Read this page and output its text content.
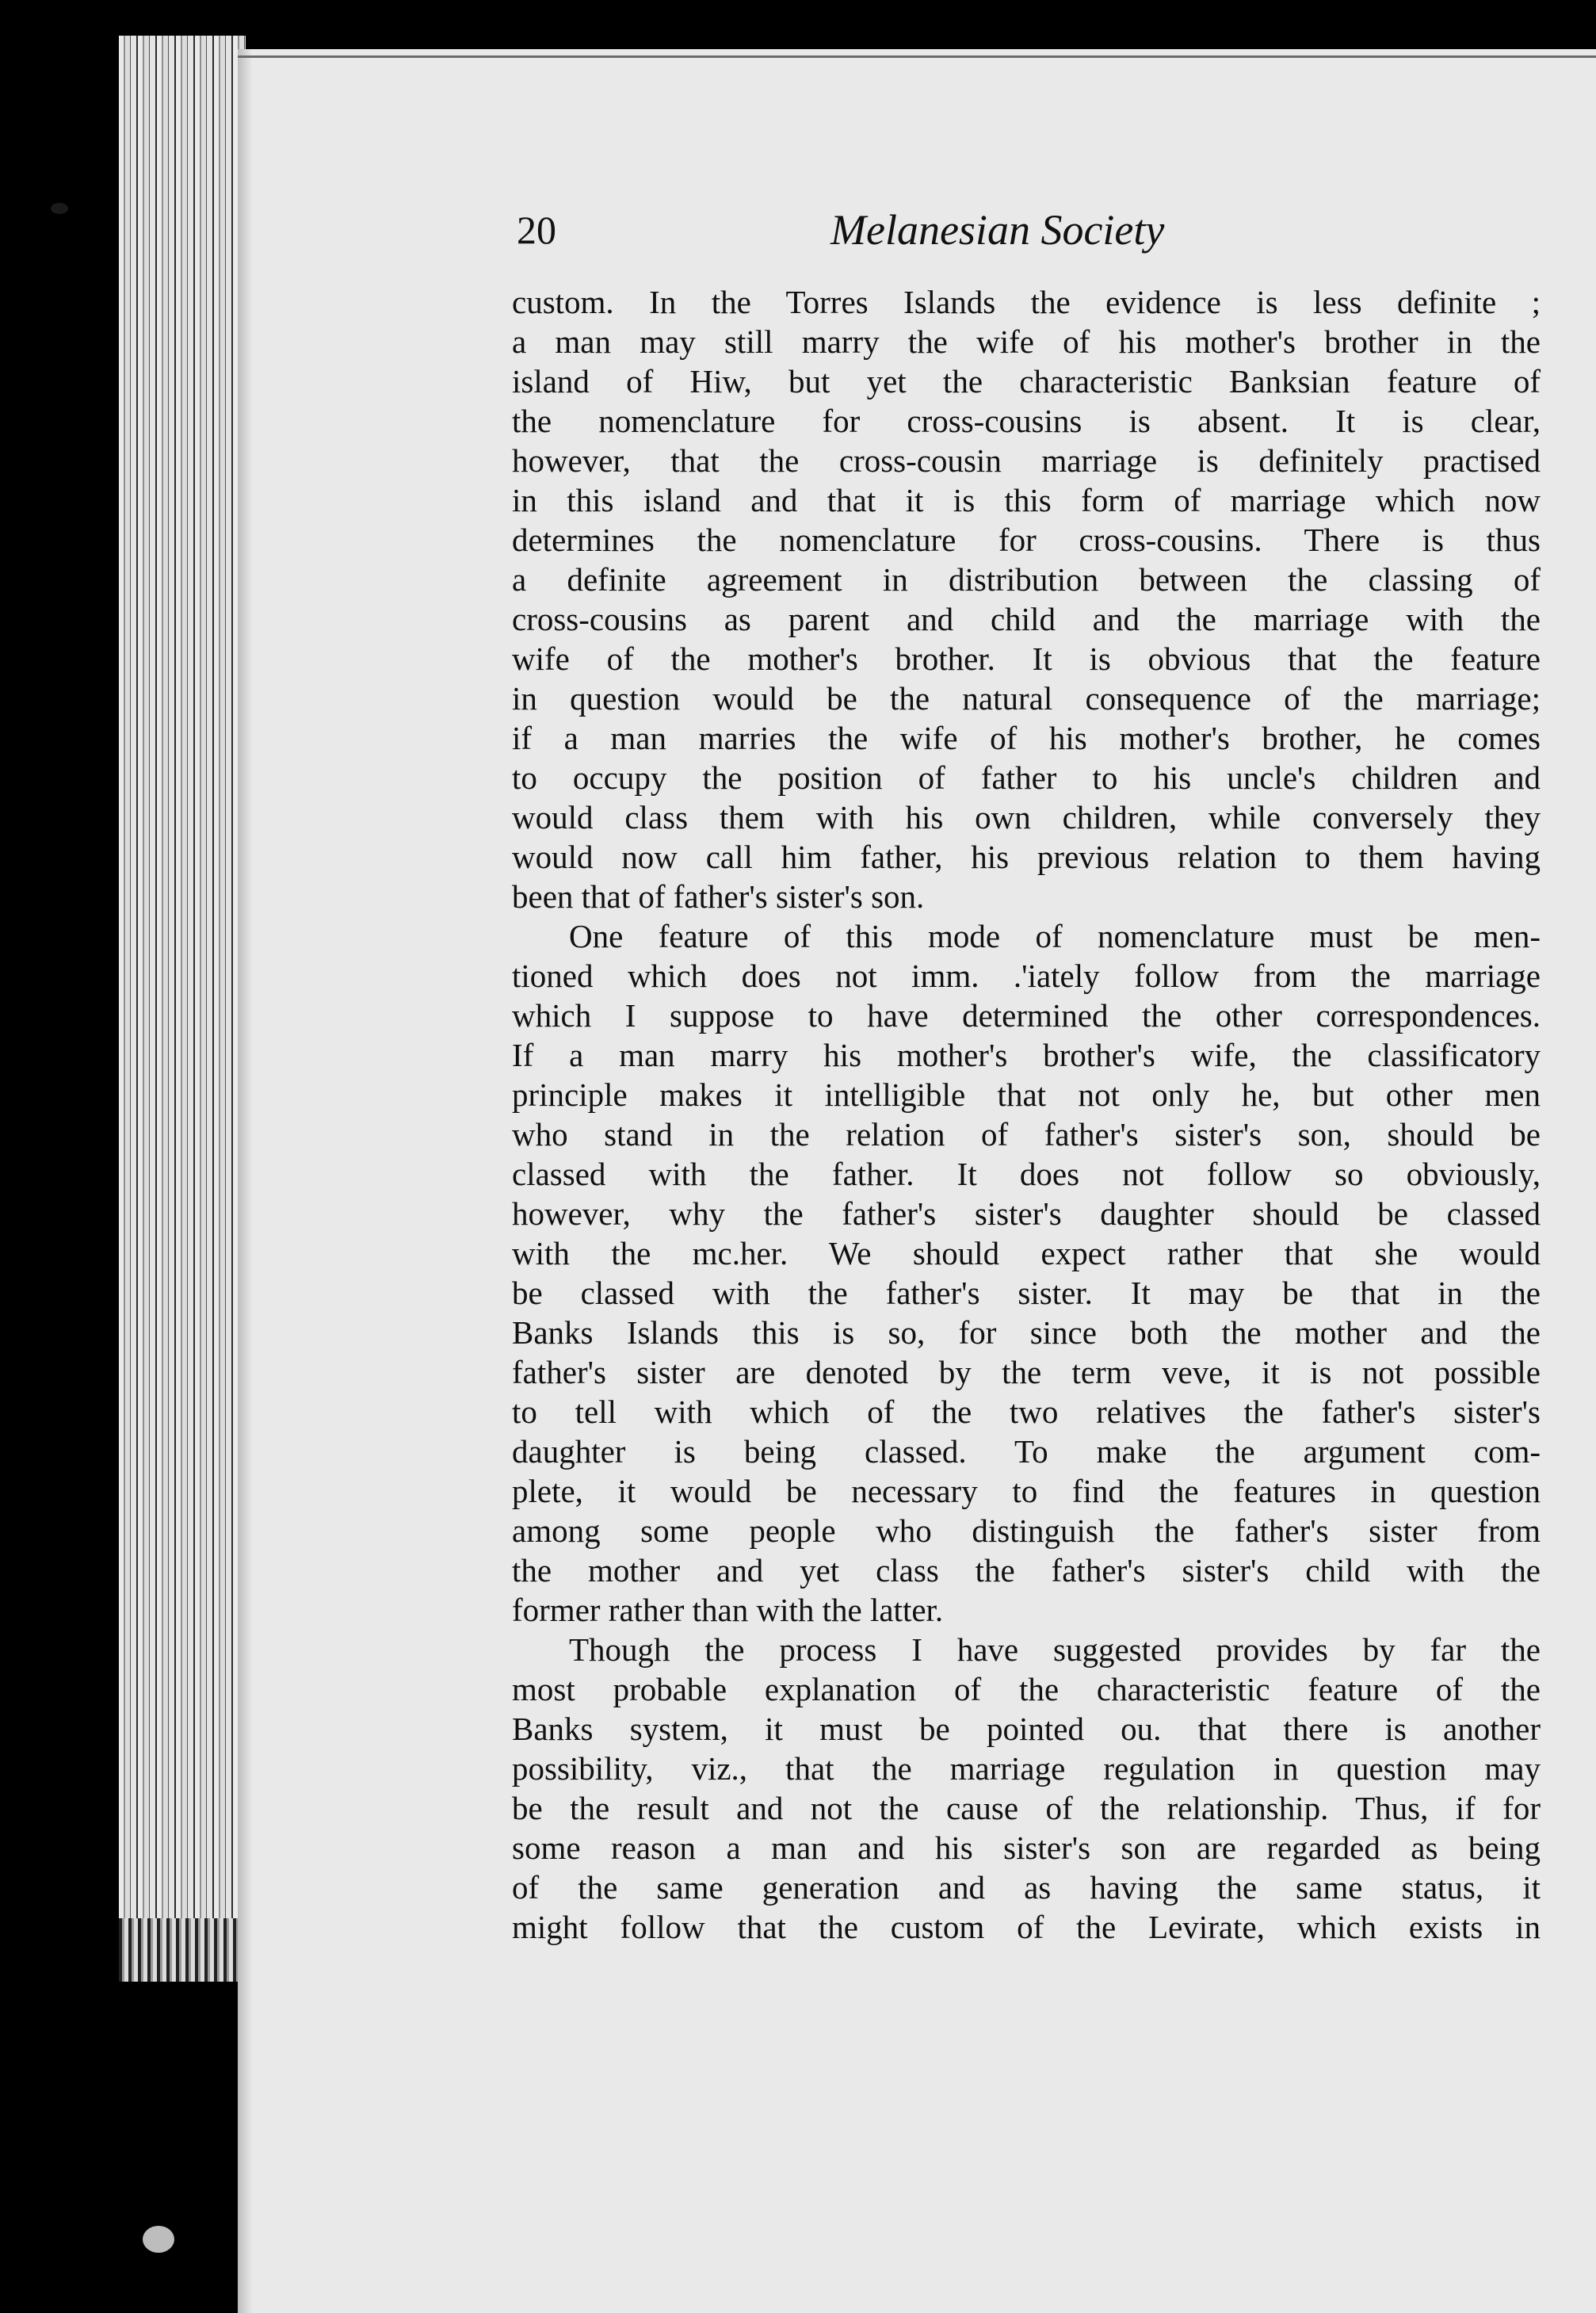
20	Melanesian Society
custom. In the Torres Islands the evidence is less definite ;
a man may still marry the wife of his mother's brother in the
island of Hiw, but yet the characteristic Banksian feature of
the nomenclature for cross-cousins is absent. It is clear,
however, that the cross-cousin marriage is definitely practised
in this island and that it is this form of marriage which now
determines the nomenclature for cross-cousins. There is thus
a definite agreement in distribution between the classing of
cross-cousins as parent and child and the marriage with the
wife of the mother's brother. It is obvious that the feature
in question would be the natural consequence of the marriage;
if a man marries the wife of his mother's brother, he comes
to occupy the position of father to his uncle's children and
would class them with his own children, while conversely they
would now call him father, his previous relation to them having
been that of father's sister's son.
One feature of this mode of nomenclature must be men-
tioned which does not imm. .'iately follow from the marriage
which I suppose to have determined the other correspondences.
If a man marry his mother's brother's wife, the classificatory
principle makes it intelligible that not only he, but other men
who stand in the relation of father's sister's son, should be
classed with the father. It does not follow so obviously,
however, why the father's sister's daughter should be classed
with the mc.her. We should expect rather that she would
be classed with the father's sister. It may be that in the
Banks Islands this is so, for since both the mother and the
father's sister are denoted by the term veve, it is not possible
to tell with which of the two relatives the father's sister's
daughter is being classed. To make the argument com-
plete, it would be necessary to find the features in question
among some people who distinguish the father's sister from
the mother and yet class the father's sister's child with the
former rather than with the latter.
Though the process I have suggested provides by far the
most probable explanation of the characteristic feature of the
Banks system, it must be pointed ou. that there is another
possibility, viz., that the marriage regulation in question may
be the result and not the cause of the relationship. Thus, if for
some reason a man and his sister's son are regarded as being
of the same generation and as having the same status, it
might follow that the custom of the Levirate, which exists in
